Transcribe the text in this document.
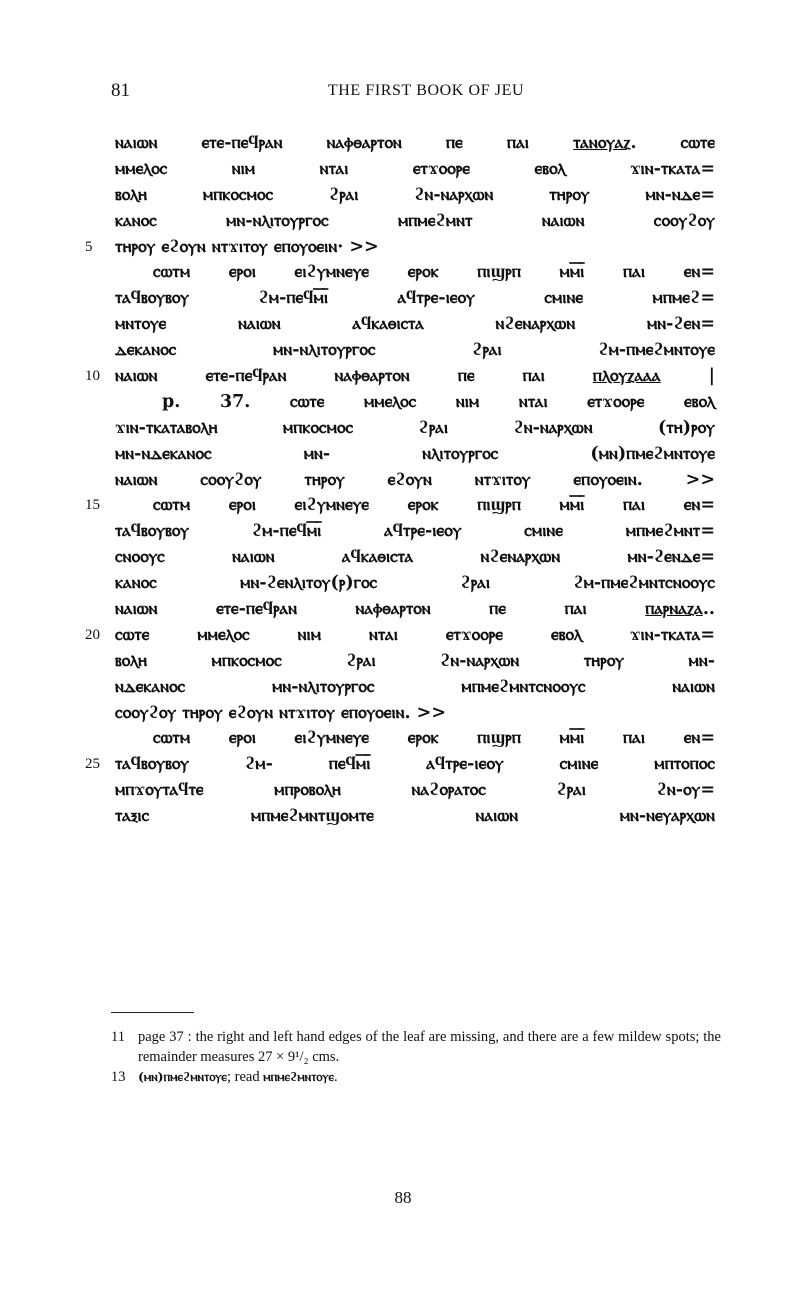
81	THE FIRST BOOK OF JEU
ⲛⲁⲓⲱⲛ ⲉⲧⲉ-ⲡⲉϥⲣⲁⲛ ⲛⲁⲫⲑⲁⲣⲧⲟⲛ ⲡⲉ ⲡⲁⲓ ⲧⲁⲛⲟⲩⲁⲍ. ⲥⲱⲧⲉ
ⲙⲙⲉⲗⲟⲥ ⲛⲓⲙ ⲛⲧⲁⲓ ⲉⲧϫⲟⲟⲣⲉ ⲉⲃⲟⲗ ϫⲓⲛ-ⲧⲕⲁⲧⲁ=
ⲃⲟⲗⲏ ⲙⲡⲕⲟⲥⲙⲟⲥ ϩⲣⲁⲓ ϩⲛ-ⲛⲁⲣⲭⲱⲛ ⲧⲏⲣⲟⲩ ⲙⲛ-ⲛⲇⲉ=
ⲕⲁⲛⲟⲥ ⲙⲛ-ⲛⲗⲓⲧⲟⲩⲣⲅⲟⲥ ⲙⲡⲙⲉϩⲙⲛⲧ ⲛⲁⲓⲱⲛ ⲥⲟⲟⲩϩⲟⲩ
5 ⲧⲏⲣⲟⲩ ⲉϩⲟⲩⲛ ⲛⲧϫⲓⲧⲟⲩ ⲉⲡⲟⲩⲟⲉⲓⲛ· >>
ⲥⲱⲧⲙ ⲉⲣⲟⲓ ⲉⲓϩⲩⲙⲛⲉⲩⲉ ⲉⲣⲟⲕ ⲡⲓϣⲣⲡ ⲙⲙ̅ⲓ̅ ⲡⲁⲓ ⲉⲛ=
ⲧⲁϥⲃⲟⲩⲃⲟⲩ ϩⲙ-ⲡⲉϥⲙ̅ⲓ̅ ⲁϥⲧⲣⲉ-ⲓⲉⲟⲩ ⲥⲙⲓⲛⲉ ⲙⲡⲙⲉϩ=
ⲙⲛⲧⲟⲩⲉ ⲛⲁⲓⲱⲛ ⲁϥⲕⲁⲑⲓⲥⲧⲁ ⲛϩⲉⲛⲁⲣⲭⲱⲛ ⲙⲛ-ϩⲉⲛ=
ⲇⲉⲕⲁⲛⲟⲥ ⲙⲛ-ⲛⲗⲓⲧⲟⲩⲣⲅⲟⲥ ϩⲣⲁⲓ ϩⲙ-ⲡⲙⲉϩⲙⲛⲧⲟⲩⲉ
10 ⲛⲁⲓⲱⲛ ⲉⲧⲉ-ⲡⲉϥⲣⲁⲛ ⲛⲁⲫⲑⲁⲣⲧⲟⲛ ⲡⲉ ⲡⲁⲓ ⲡⲗⲟⲩⲍⲁⲁⲁ |
p. 37. ⲥⲱⲧⲉ ⲙⲙⲉⲗⲟⲥ ⲛⲓⲙ ⲛⲧⲁⲓ ⲉⲧϫⲟⲟⲣⲉ ⲉⲃⲟⲗ
ϫⲓⲛ-ⲧⲕⲁⲧⲁⲃⲟⲗⲏ ⲙⲡⲕⲟⲥⲙⲟⲥ ϩⲣⲁⲓ ϩⲛ-ⲛⲁⲣⲭⲱⲛ (ⲧⲏ)ⲣⲟⲩ
ⲙⲛ-ⲛⲇⲉⲕⲁⲛⲟⲥ ⲙⲛ- ⲛⲗⲓⲧⲟⲩⲣⲅⲟⲥ (ⲙⲛ)ⲡⲙⲉϩⲙⲛⲧⲟⲩⲉ
ⲛⲁⲓⲱⲛ ⲥⲟⲟⲩϩⲟⲩ ⲧⲏⲣⲟⲩ ⲉϩⲟⲩⲛ ⲛⲧϫⲓⲧⲟⲩ ⲉⲡⲟⲩⲟⲉⲓⲛ. >>
15	ⲥⲱⲧⲙ ⲉⲣⲟⲓ ⲉⲓϩⲩⲙⲛⲉⲩⲉ ⲉⲣⲟⲕ ⲡⲓϣⲣⲡ ⲙⲙ̅ⲓ̅ ⲡⲁⲓ ⲉⲛ=
ⲧⲁϥⲃⲟⲩⲃⲟⲩ ϩⲙ-ⲡⲉϥⲙ̅ⲓ̅ ⲁϥⲧⲣⲉ-ⲓⲉⲟⲩ ⲥⲙⲓⲛⲉ ⲙⲡⲙⲉϩⲙⲛⲧ=
ⲥⲛⲟⲟⲩⲥ ⲛⲁⲓⲱⲛ ⲁϥⲕⲁⲑⲓⲥⲧⲁ ⲛϩⲉⲛⲁⲣⲭⲱⲛ ⲙⲛ-ϩⲉⲛⲇⲉ=
ⲕⲁⲛⲟⲥ ⲙⲛ-ϩⲉⲛⲗⲓⲧⲟⲩ(ⲣ)ⲅⲟⲥ ϩⲣⲁⲓ ϩⲙ-ⲡⲙⲉϩⲙⲛⲧⲥⲛⲟⲟⲩⲥ
ⲛⲁⲓⲱⲛ ⲉⲧⲉ-ⲡⲉϥⲣⲁⲛ ⲛⲁⲫⲑⲁⲣⲧⲟⲛ ⲡⲉ ⲡⲁⲓ ⲡⲁⲣⲛⲁⲍⲁ..
20 ⲥⲱⲧⲉ ⲙⲙⲉⲗⲟⲥ ⲛⲓⲙ ⲛⲧⲁⲓ ⲉⲧϫⲟⲟⲣⲉ ⲉⲃⲟⲗ ϫⲓⲛ-ⲧⲕⲁⲧⲁ=
ⲃⲟⲗⲏ ⲙⲡⲕⲟⲥⲙⲟⲥ ϩⲣⲁⲓ ϩⲛ-ⲛⲁⲣⲭⲱⲛ ⲧⲏⲣⲟⲩ ⲙⲛ-
ⲛⲇⲉⲕⲁⲛⲟⲥ ⲙⲛ-ⲛⲗⲓⲧⲟⲩⲣⲅⲟⲥ ⲙⲡⲙⲉϩⲙⲛⲧⲥⲛⲟⲟⲩⲥ ⲛⲁⲓⲱⲛ
ⲥⲟⲟⲩϩⲟⲩ ⲧⲏⲣⲟⲩ ⲉϩⲟⲩⲛ ⲛⲧϫⲓⲧⲟⲩ ⲉⲡⲟⲩⲟⲉⲓⲛ. >>
ⲥⲱⲧⲙ ⲉⲣⲟⲓ ⲉⲓϩⲩⲙⲛⲉⲩⲉ ⲉⲣⲟⲕ ⲡⲓϣⲣⲡ ⲙⲙ̅ⲓ̅ ⲡⲁⲓ ⲉⲛ=
25 ⲧⲁϥⲃⲟⲩⲃⲟⲩ ϩⲙ- ⲡⲉϥⲙ̅ⲓ̅ ⲁϥⲧⲣⲉ-ⲓⲉⲟⲩ ⲥⲙⲓⲛⲉ ⲙⲡⲧⲟⲡⲟⲥ
ⲙⲡϫⲟⲩⲧⲁϥⲧⲉ ⲙⲡⲣⲟⲃⲟⲗⲏ ⲛⲁϩⲟⲣⲁⲧⲟⲥ ϩⲣⲁⲓ ϩⲛ-ⲟⲩ=
ⲧⲁⲝⲓⲥ ⲙⲡⲙⲉϩⲙⲛⲧϣⲟⲙⲧⲉ ⲛⲁⲓⲱⲛ ⲙⲛ-ⲛⲉⲩⲁⲣⲭⲱⲛ
11 page 37 : the right and left hand edges of the leaf are missing, and there are a few mildew spots; the remainder measures 27 × 9¹/₂ cms.
13 (ⲙⲛ)ⲡⲙⲉϩⲙⲛⲧⲟⲩⲉ; read ⲙⲡⲙⲉϩⲙⲛⲧⲟⲩⲉ.
88
